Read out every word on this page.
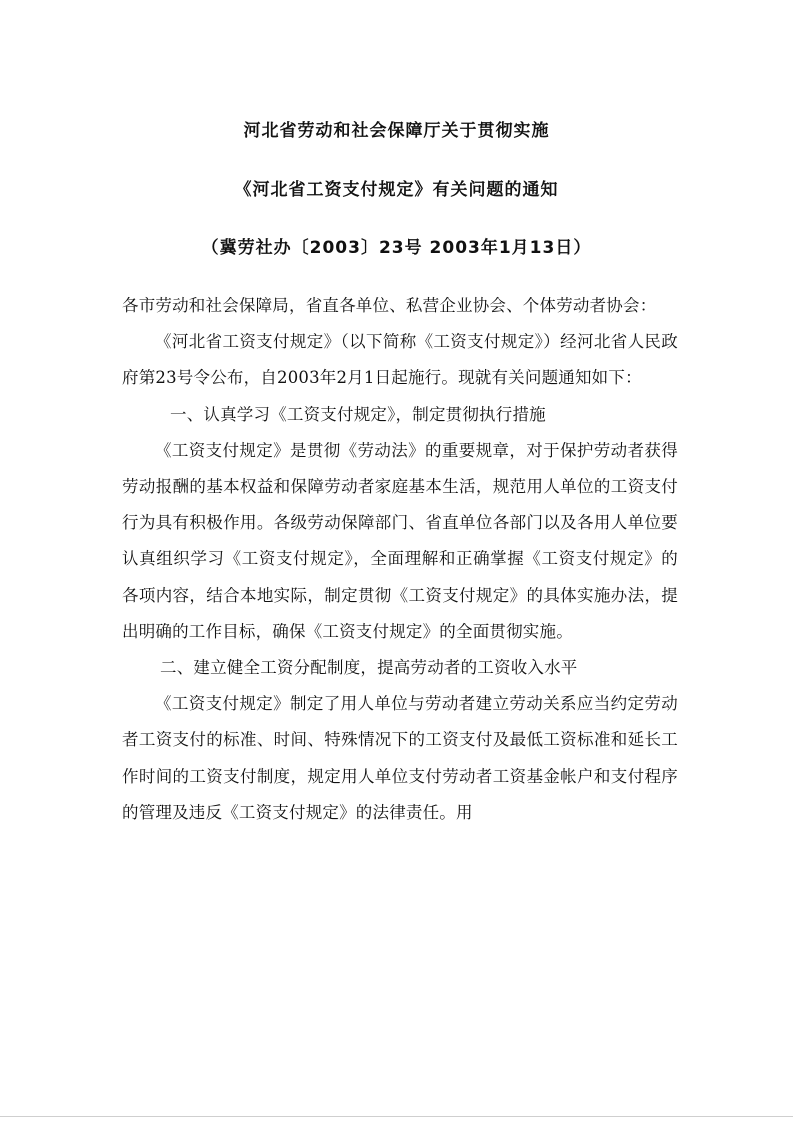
河北省劳动和社会保障厅关于贯彻实施
《河北省工资支付规定》有关问题的通知
（冀劳社办〔2003〕23号 2003年1月13日）

各市劳动和社会保障局，省直各单位、私营企业协会、个体劳动者协会：

《河北省工资支付规定》（以下简称《工资支付规定》）经河北省人民政府第23号令公布，自2003年2月1日起施行。现就有关问题通知如下：

一、认真学习《工资支付规定》，制定贯彻执行措施

《工资支付规定》是贯彻《劳动法》的重要规章，对于保护劳动者获得劳动报酬的基本权益和保障劳动者家庭基本生活，规范用人单位的工资支付行为具有积极作用。各级劳动保障部门、省直单位各部门以及各用人单位要认真组织学习《工资支付规定》，全面理解和正确掌握《工资支付规定》的各项内容，结合本地实际，制定贯彻《工资支付规定》的具体实施办法，提出明确的工作目标，确保《工资支付规定》的全面贯彻实施。

二、建立健全工资分配制度，提高劳动者的工资收入水平

《工资支付规定》制定了用人单位与劳动者建立劳动关系应当约定劳动者工资支付的标准、时间、特殊情况下的工资支付及最低工资标准和延长工作时间的工资支付制度，规定用人单位支付劳动者工资基金帐户和支付程序的管理及违反《工资支付规定》的法律责任。用
